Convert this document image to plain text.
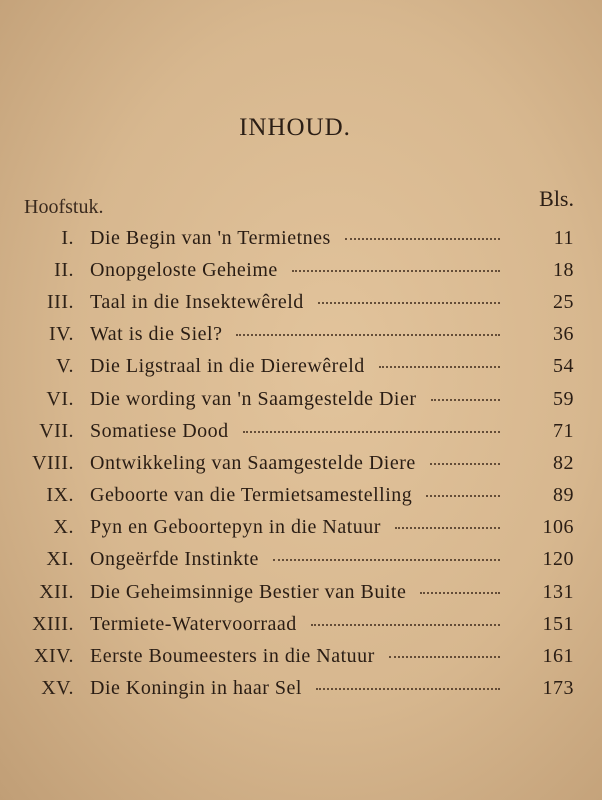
INHOUD.
Hoofstuk.	Bls.
I. Die Begin van 'n Termietnes	11
II. Onopgeloste Geheime	18
III. Taal in die Insektewêreld	25
IV. Wat is die Siel?	36
V. Die Ligstraal in die Dierewêreld	54
VI. Die wording van 'n Saamgestelde Dier	59
VII. Somatiese Dood	71
VIII. Ontwikkeling van Saamgestelde Diere	82
IX. Geboorte van die Termietsamestelling	89
X. Pyn en Geboortepyn in die Natuur	106
XI. Ongeërfde Instinkte	120
XII. Die Geheimsinnige Bestier van Buite	131
XIII. Termiete-Watervoorraad	151
XIV. Eerste Boumeesters in die Natuur	161
XV. Die Koningin in haar Sel	173
